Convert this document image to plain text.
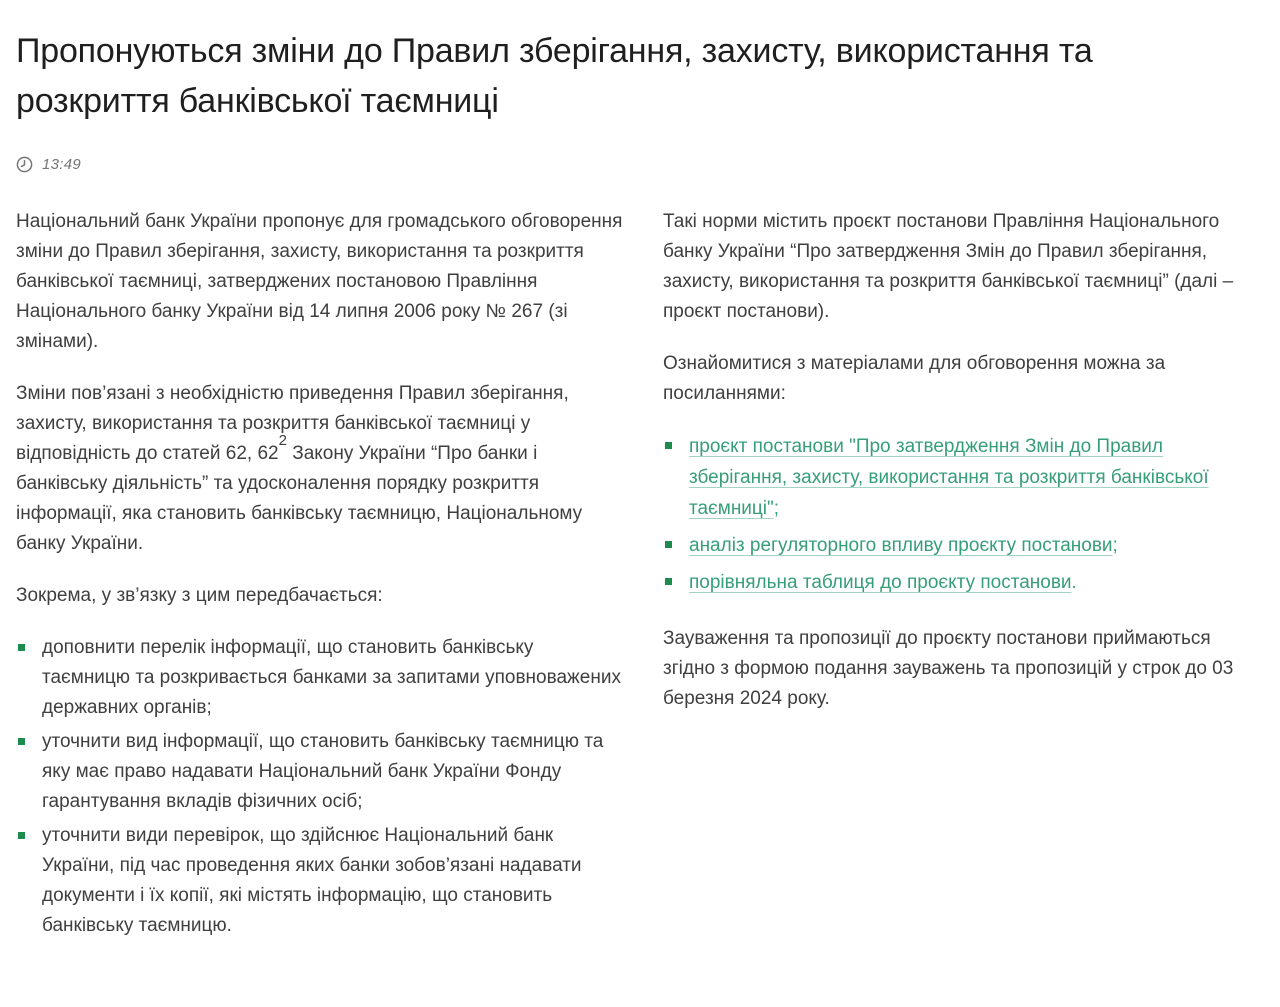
Пропонуються зміни до Правил зберігання, захисту, використання та розкриття банківської таємниці
13:49

Національний банк України пропонує для громадського обговорення зміни до Правил зберігання, захисту, використання та розкриття банківської таємниці, затверджених постановою Правління Національного банку України від 14 липня 2006 року № 267 (зі змінами).

Зміни пов’язані з необхідністю приведення Правил зберігання, захисту, використання та розкриття банківської таємниці у відповідність до статей 62, $62^2$ Закону України “Про банки і банківську діяльність” та удосконалення порядку розкриття інформації, яка становить банківську таємницю, Національному банку України.

Зокрема, у зв’язку з цим передбачається:

доповнити перелік інформації, що становить банківську таємницю та розкривається банками за запитами уповноважених державних органів;
уточнити вид інформації, що становить банківську таємницю та яку має право надавати Національний банк України Фонду гарантування вкладів фізичних осіб;
уточнити види перевірок, що здійснює Національний банк України, під час проведення яких банки зобов’язані надавати документи і їх копії, які містять інформацію, що становить банківську таємницю.

Такі норми містить проєкт постанови Правління Національного банку України “Про затвердження Змін до Правил зберігання, захисту, використання та розкриття банківської таємниці” (далі – проєкт постанови).

Ознайомитися з матеріалами для обговорення можна за посиланнями:

проєкт постанови "Про затвердження Змін до Правил зберігання, захисту, використання та розкриття банківської таємниці";
аналіз регуляторного впливу проєкту постанови;
порівняльна таблиця до проєкту постанови.

Зауваження та пропозиції до проєкту постанови приймаються згідно з формою подання зауважень та пропозицій у строк до 03 березня 2024 року.
